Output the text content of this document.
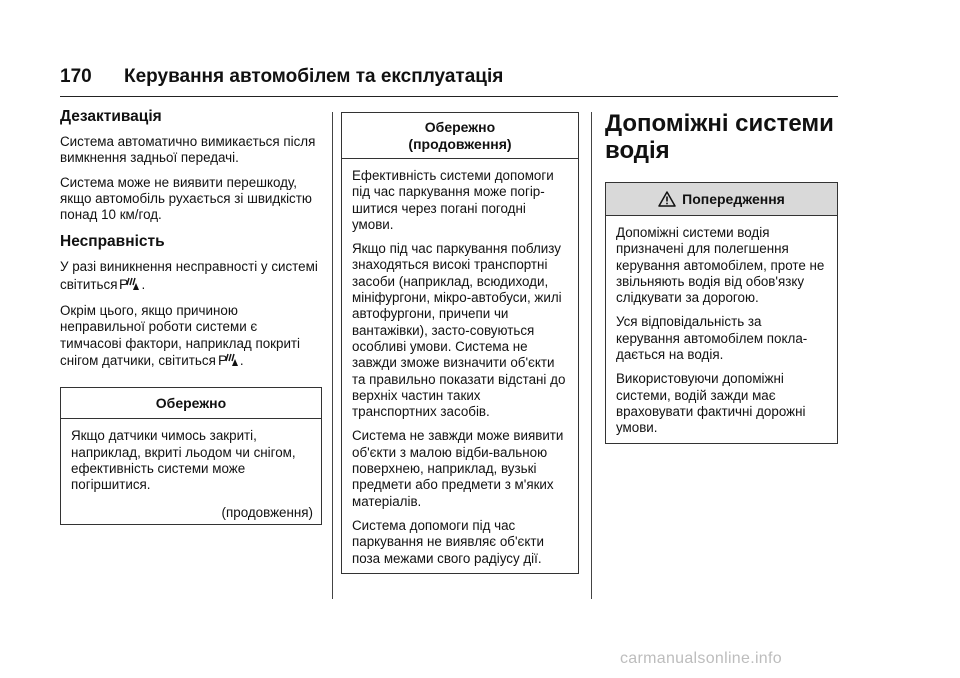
170 Керування автомобілем та експлуатація
Дезактивація

Система автоматично вимикається після вимкнення задньої передачі.

Система може не виявити перешкоду, якщо автомобіль рухається зі швидкістю понад 10 км/год.

Несправність

У разі виникнення несправності у системі світиться P .

Окрім цього, якщо причиною неправильної роботи системи є тимчасові фактори, наприклад покриті снігом датчики, світиться P .

Обережно

Якщо датчики чимось закриті, наприклад, вкриті льодом чи снігом, ефективність системи може погіршитися.

(продовження)
Обережно (продовження)

Ефективність системи допомоги під час паркування може погір-шитися через погані погодні умови.

Якщо під час паркування поблизу знаходяться високі транспортні засоби (наприклад, всюдиходи, мініфургони, мікро-автобуси, жилі автофургони, причепи чи вантажівки), засто-совуються особливі умови. Система не завжди зможе визначити об'єкти та правильно показати відстані до верхніх частин таких транспортних засобів.

Система не завжди може виявити об'єкти з малою відби-вальною поверхнею, наприклад, вузькі предмети або предмети з м'яких матеріалів.

Система допомоги під час паркування не виявляє об'єкти поза межами свого радіусу дії.

Допоміжні системи водія
Попередження

Допоміжні системи водія призначені для полегшення керування автомобілем, проте не звільняють водія від обов'язку слідкувати за дорогою.

Уся відповідальність за керування автомобілем покла-дається на водія.

Використовуючи допоміжні системи, водій зажди має враховувати фактичні дорожні умови.

carmanualsonline.info
